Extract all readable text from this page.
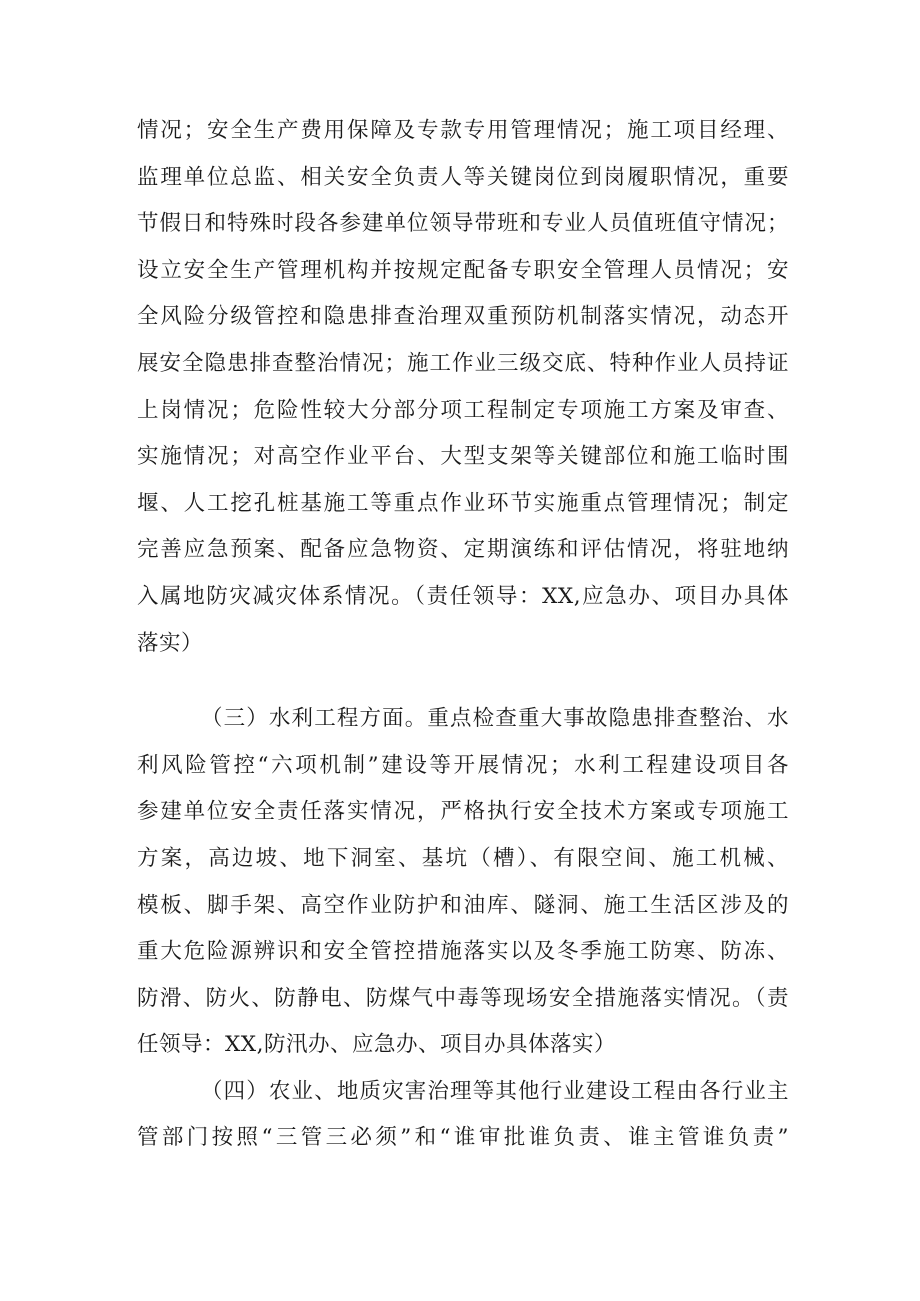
情况；安全生产费用保障及专款专用管理情况；施工项目经理、
监理单位总监、相关安全负责人等关键岗位到岗履职情况，重要
节假日和特殊时段各参建单位领导带班和专业人员值班值守情况；
设立安全生产管理机构并按规定配备专职安全管理人员情况；安
全风险分级管控和隐患排查治理双重预防机制落实情况，动态开
展安全隐患排查整治情况；施工作业三级交底、特种作业人员持证
上岗情况；危险性较大分部分项工程制定专项施工方案及审查、
实施情况；对高空作业平台、大型支架等关键部位和施工临时围
堰、人工挖孔桩基施工等重点作业环节实施重点管理情况；制定
完善应急预案、配备应急物资、定期演练和评估情况，将驻地纳
入属地防灾减灾体系情况。（责任领导：XX,应急办、项目办具体
落实）
（三）水利工程方面。重点检查重大事故隐患排查整治、水
利风险管控“六项机制”建设等开展情况；水利工程建设项目各
参建单位安全责任落实情况，严格执行安全技术方案或专项施工
方案，高边坡、地下洞室、基坑（槽）、有限空间、施工机械、
模板、脚手架、高空作业防护和油库、隧洞、施工生活区涉及的
重大危险源辨识和安全管控措施落实以及冬季施工防寒、防冻、
防滑、防火、防静电、防煤气中毒等现场安全措施落实情况。（责
任领导：XX,防汛办、应急办、项目办具体落实）
（四）农业、地质灾害治理等其他行业建设工程由各行业主
管部门按照“三管三必须”和“谁审批谁负责、谁主管谁负责”
